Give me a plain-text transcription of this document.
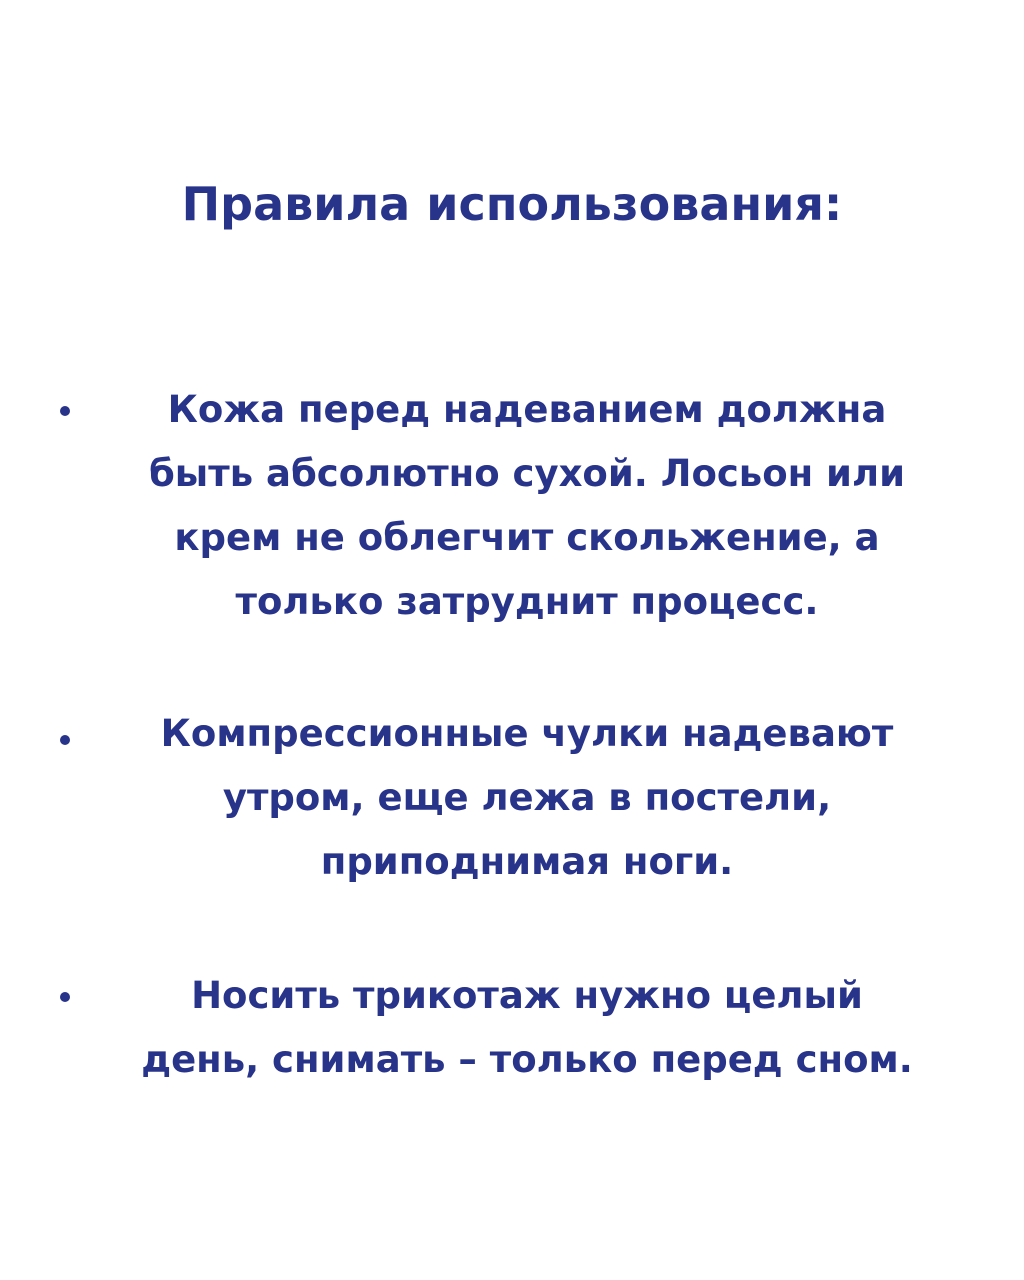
Правила использования:

Кожа перед надеванием должна
быть абсолютно сухой. Лосьон или
крем не облегчит скольжение, а
только затруднит процесс.

Компрессионные чулки надевают
утром, еще лежа в постели,
приподнимая ноги.

Носить трикотаж нужно целый
день, снимать – только перед сном.
